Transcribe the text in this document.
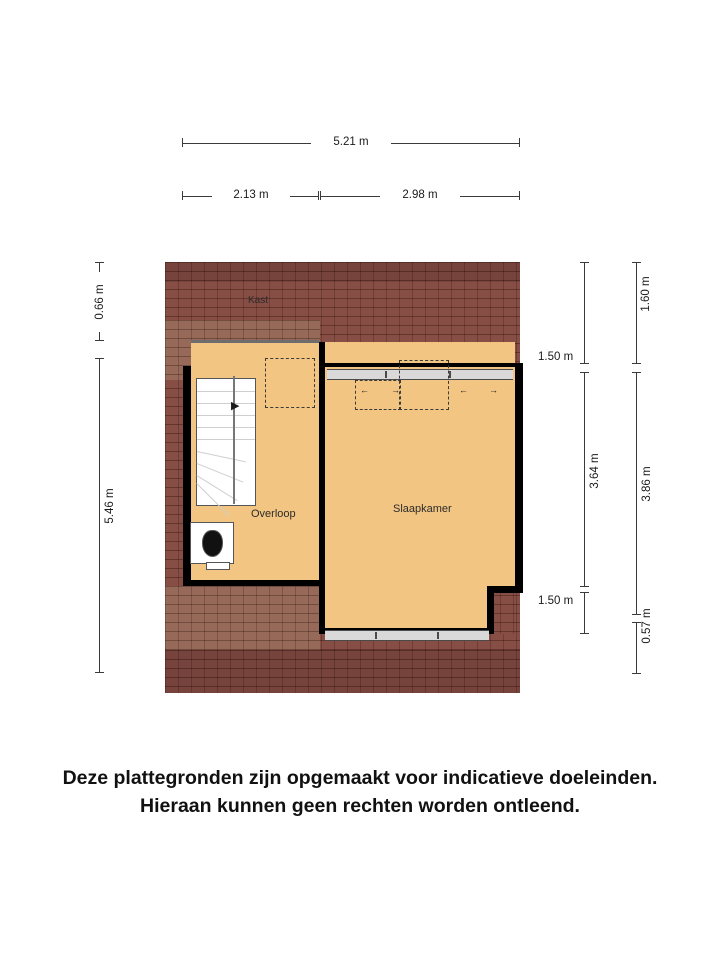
5.21 m
2.13 m	2.98 m
0.66 m
5.46 m
1.50 m
3.64 m
1.50 m
1.60 m
3.86 m
0.57 m
Kast
Overloop	Slaapkamer
← →	← →
▶
Deze plattegronden zijn opgemaakt voor indicatieve doeleinden.
Hieraan kunnen geen rechten worden ontleend.
